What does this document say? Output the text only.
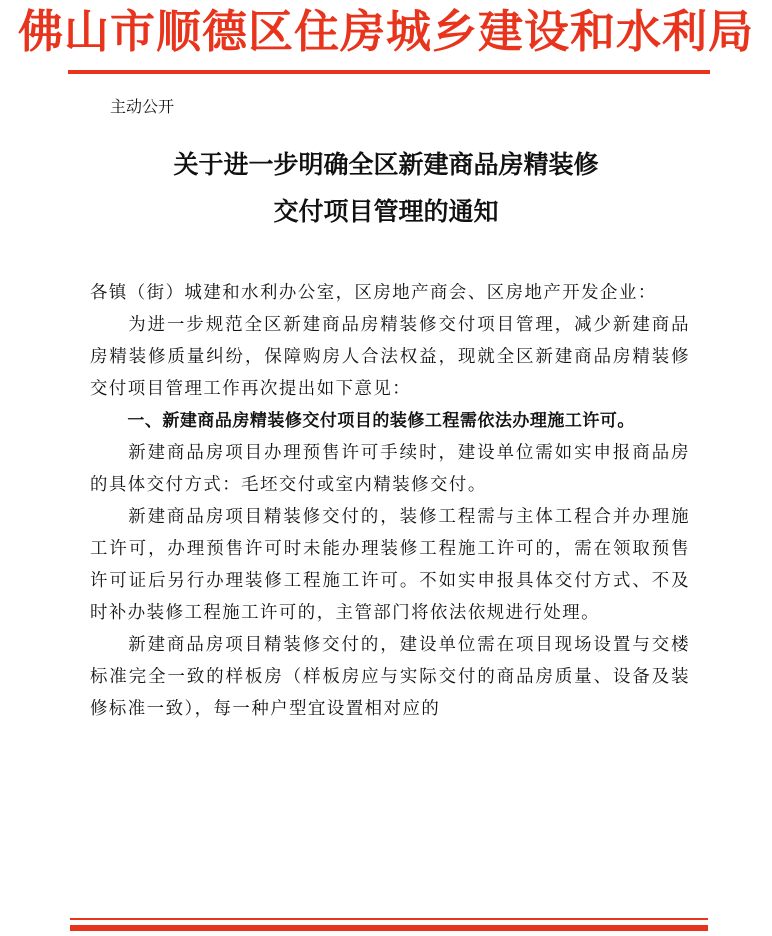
佛山市顺德区住房城乡建设和水利局
主动公开
关于进一步明确全区新建商品房精装修
交付项目管理的通知

各镇（街）城建和水利办公室，区房地产商会、区房地产开发企业：

为进一步规范全区新建商品房精装修交付项目管理，减少新建商品房精装修质量纠纷，保障购房人合法权益，现就全区新建商品房精装修交付项目管理工作再次提出如下意见：

一、新建商品房精装修交付项目的装修工程需依法办理施工许可。

新建商品房项目办理预售许可手续时，建设单位需如实申报商品房的具体交付方式：毛坯交付或室内精装修交付。

新建商品房项目精装修交付的，装修工程需与主体工程合并办理施工许可，办理预售许可时未能办理装修工程施工许可的，需在领取预售许可证后另行办理装修工程施工许可。不如实申报具体交付方式、不及时补办装修工程施工许可的，主管部门将依法依规进行处理。

新建商品房项目精装修交付的，建设单位需在项目现场设置与交楼标准完全一致的样板房（样板房应与实际交付的商品房质量、设备及装修标准一致），每一种户型宜设置相对应的
